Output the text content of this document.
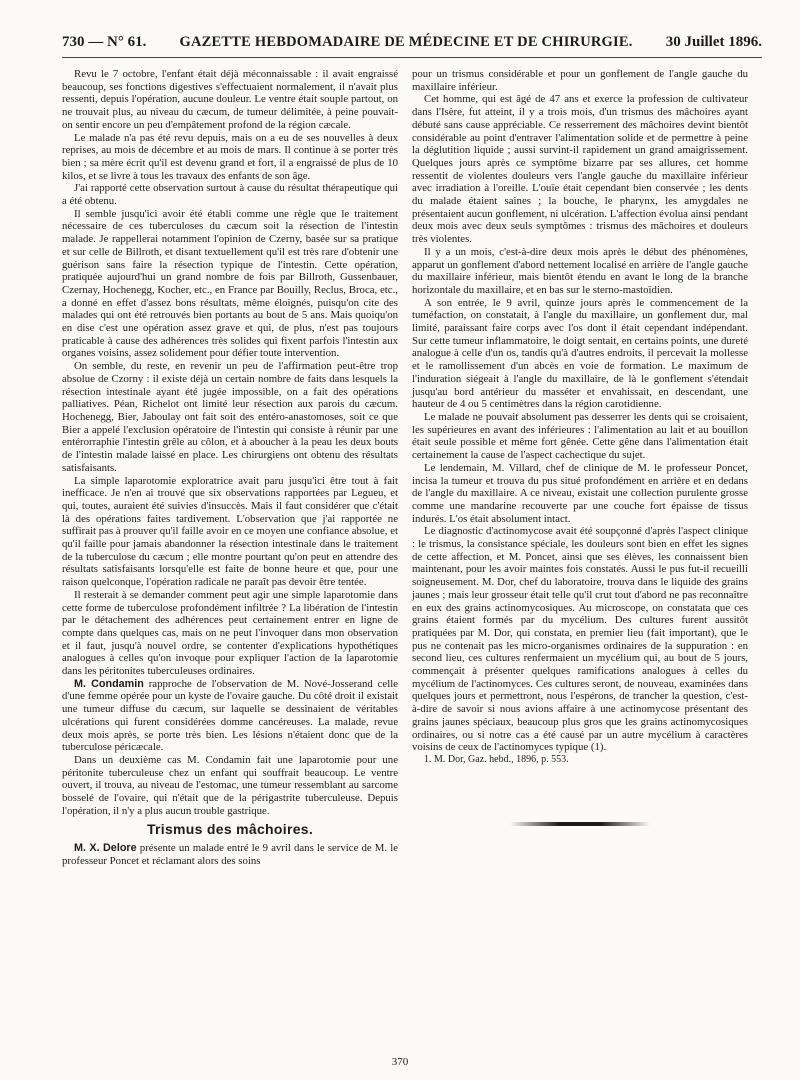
730 — N° 61. GAZETTE HEBDOMADAIRE DE MÉDECINE ET DE CHIRURGIE. 30 Juillet 1896.

Revu le 7 octobre, l'enfant était déjà méconnaissable : il avait engraissé beaucoup, ses fonctions digestives s'effectuaient normalement, il n'avait plus ressenti, depuis l'opération, aucune douleur. Le ventre était souple partout, on ne trouvait plus, au niveau du cæcum, de tumeur délimitée, à peine pouvait-on sentir encore un peu d'empâtement profond de la région cæcale.

Le malade n'a pas été revu depuis, mais on a eu de ses nouvelles à deux reprises, au mois de décembre et au mois de mars. Il continue à se porter très bien ; sa mère écrit qu'il est devenu grand et fort, il a engraissé de plus de 10 kilos, et se livre à tous les travaux des enfants de son âge.

J'ai rapporté cette observation surtout à cause du résultat thérapeutique qui a été obtenu.

Il semble jusqu'ici avoir été établi comme une règle que le traitement nécessaire de ces tuberculoses du cæcum soit la résection de l'intestin malade. Je rappellerai notamment l'opinion de Czerny, basée sur sa pratique et sur celle de Billroth, et disant textuellement qu'il est très rare d'obtenir une guérison sans faire la résection typique de l'intestin. Cette opération, pratiquée aujourd'hui un grand nombre de fois par Billroth, Gussenbauer, Czernay, Hochenegg, Kocher, etc., en France par Bouilly, Reclus, Broca, etc., a donné en effet d'assez bons résultats, même éloignés, puisqu'on cite des malades qui ont été retrouvés bien portants au bout de 5 ans. Mais quoiqu'on en dise c'est une opération assez grave et qui, de plus, n'est pas toujours praticable à cause des adhérences très solides qui fixent parfois l'intestin aux organes voisins, assez solidement pour défier toute intervention.

On semble, du reste, en revenir un peu de l'affirmation peut-être trop absolue de Czorny : il existe déjà un certain nombre de faits dans lesquels la résection intestinale ayant été jugée impossible, on a fait des opérations palliatives. Péan, Richelot ont limité leur résection aux parois du cæcum. Hochenegg, Bier, Jaboulay ont fait soit des entéro-anastomoses, soit ce que Bier a appelé l'exclusion opératoire de l'intestin qui consiste à réunir par une entérorraphie l'intestin grêle au côlon, et à aboucher à la peau les deux bouts de l'intestin malade laissé en place. Les chirurgiens ont obtenu des résultats satisfaisants.

La simple laparotomie exploratrice avait paru jusqu'ici être tout à fait inefficace. Je n'en ai trouvé que six observations rapportées par Legueu, et qui, toutes, auraient été suivies d'insuccès. Mais il faut considérer que c'était là des opérations faites tardivement. L'observation que j'ai rapportée ne suffirait pas à prouver qu'il faille avoir en ce moyen une confiance absolue, et qu'il faille pour jamais abandonner la résection intestinale dans le traitement de la tuberculose du cæcum ; elle montre pourtant qu'on peut en attendre des résultats satisfaisants lorsqu'elle est faite de bonne heure et que, pour une raison quelconque, l'opération radicale ne paraît pas devoir être tentée.

Il resterait à se demander comment peut agir une simple laparotomie dans cette forme de tuberculose profondément infiltrée ? La libération de l'intestin par le détachement des adhérences peut certainement entrer en ligne de compte dans quelques cas, mais on ne peut l'invoquer dans mon observation et il faut, jusqu'à nouvel ordre, se contenter d'explications hypothétiques analogues à celles qu'on invoque pour expliquer l'action de la laparotomie dans les péritonites tuberculeuses ordinaires.

M. Condamin rapproche de l'observation de M. Nové-Josserand celle d'une femme opérée pour un kyste de l'ovaire gauche. Du côté droit il existait une tumeur diffuse du cæcum, sur laquelle se dessinaient de véritables ulcérations qui furent considérées domme cancéreuses. La malade, revue deux mois après, se porte très bien. Les lésions n'étaient donc que de la tuberculose péricæcale.

Dans un deuxième cas M. Condamin fait une laparotomie pour une péritonite tuberculeuse chez un enfant qui souffrait beaucoup. Le ventre ouvert, il trouva, au niveau de l'estomac, une tumeur ressemblant au sarcome bosselé de l'ovaire, qui n'était que de la périgastrite tuberculeuse. Depuis l'opération, il n'y a plus aucun trouble gastrique.

Trismus des mâchoires.

M. X. Delore présente un malade entré le 9 avril dans le service de M. le professeur Poncet et réclamant alors des soins

pour un trismus considérable et pour un gonflement de l'angle gauche du maxillaire inférieur.

Cet homme, qui est âgé de 47 ans et exerce la profession de cultivateur dans l'Isère, fut atteint, il y a trois mois, d'un trismus des mâchoires ayant débuté sans cause appréciable. Ce resserrement des mâchoires devint bientôt considérable au point d'entraver l'alimentation solide et de permettre à peine la déglutition liquide ; aussi survint-il rapidement un grand amaigrissement. Quelques jours après ce symptôme bizarre par ses allures, cet homme ressentit de violentes douleurs vers l'angle gauche du maxillaire inférieur avec irradiation à l'oreille. L'ouïe était cependant bien conservée ; les dents du malade étaient saines ; la bouche, le pharynx, les amygdales ne présentaient aucun gonflement, ni ulcération. L'affection évolua ainsi pendant deux mois avec deux seuls symptômes : trismus des mâchoires et douleurs très violentes.

Il y a un mois, c'est-à-dire deux mois après le début des phénomènes, apparut un gonflement d'abord nettement localisé en arrière de l'angle gauche du maxillaire inférieur, mais bientôt étendu en avant le long de la branche horizontale du maxillaire, et en bas sur le sterno-mastoïdien.

A son entrée, le 9 avril, quinze jours après le commencement de la tuméfaction, on constatait, à l'angle du maxillaire, un gonflement dur, mal limité, paraissant faire corps avec l'os dont il était cependant indépendant. Sur cette tumeur inflammatoire, le doigt sentait, en certains points, une dureté analogue à celle d'un os, tandis qu'à d'autres endroits, il percevait la mollesse et le ramollissement d'un abcès en voie de formation. Le maximum de l'induration siégeait à l'angle du maxillaire, de là le gonflement s'étendait jusqu'au bord antérieur du masséter et envahissait, en descendant, une hauteur de 4 ou 5 centimètres dans la région carotidienne.

Le malade ne pouvait absolument pas desserrer les dents qui se croisaient, les supérieures en avant des inférieures : l'alimentation au lait et au bouillon était seule possible et même fort gênée. Cette gêne dans l'alimentation était certainement la cause de l'aspect cachectique du sujet.

Le lendemain, M. Villard, chef de clinique de M. le professeur Poncet, incisa la tumeur et trouva du pus situé profondément en arrière et en dedans de l'angle du maxillaire. A ce niveau, existait une collection purulente grosse comme une mandarine recouverte par une couche fort épaisse de tissus indurés. L'os était absolument intact.

Le diagnostic d'actinomycose avait été soupçonné d'après l'aspect clinique : le trismus, la consistance spéciale, les douleurs sont bien en effet les signes de cette affection, et M. Poncet, ainsi que ses élèves, les connaissent bien maintenant, pour les avoir maintes fois constatés. Aussi le pus fut-il recueilli soigneusement. M. Dor, chef du laboratoire, trouva dans le liquide des grains jaunes ; mais leur grosseur était telle qu'il crut tout d'abord ne pas reconnaître en eux des grains actinomycosiques. Au microscope, on constatata que ces grains étaient formés par du mycélium. Des cultures furent aussitôt pratiquées par M. Dor, qui constata, en premier lieu (fait important), que le pus ne contenait pas les micro-organismes ordinaires de la suppuration : en second lieu, ces cultures renfermaient un mycélium qui, au bout de 5 jours, commençait à présenter quelques ramifications analogues à celles du mycélium de l'actinomyces. Ces cultures seront, de nouveau, examinées dans quelques jours et permettront, nous l'espérons, de trancher la question, c'est-à-dire de savoir si nous avions affaire à une actinomycose présentant des grains jaunes spéciaux, beaucoup plus gros que les grains actinomycosiques ordinaires, ou si notre cas a été causé par un autre mycélium à caractères voisins de ceux de l'actinomyces typique (1).

1. M. Dor, Gaz. hebd., 1896, p. 553.

370
